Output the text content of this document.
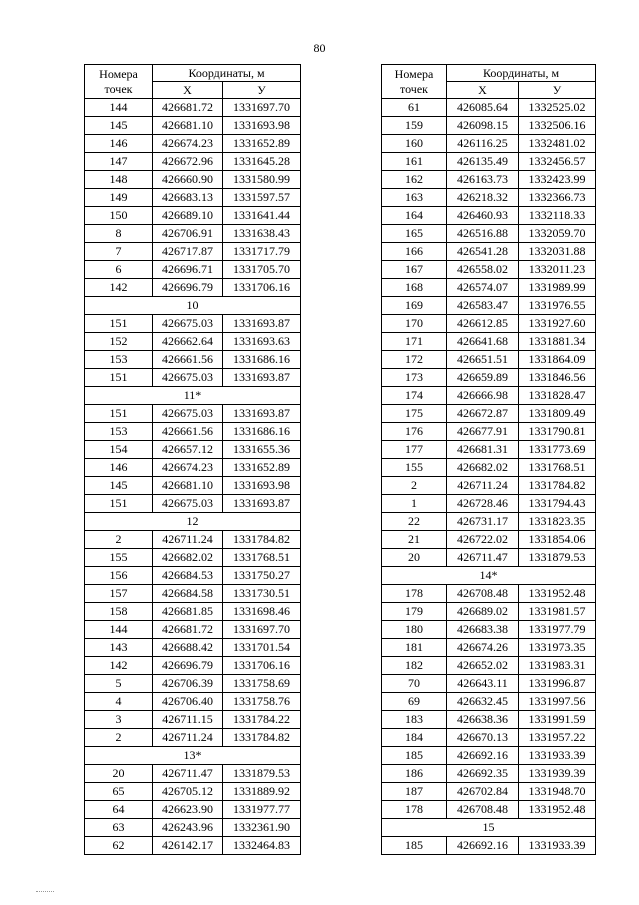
80
Номера
точек	Координаты, м	
	X	У
144	426681.72	1331697.70
145	426681.10	1331693.98
146	426674.23	1331652.89
147	426672.96	1331645.28
148	426660.90	1331580.99
149	426683.13	1331597.57
150	426689.10	1331641.44
8	426706.91	1331638.43
7	426717.87	1331717.79
6	426696.71	1331705.70
142	426696.79	1331706.16
10		
151	426675.03	1331693.87
152	426662.64	1331693.63
153	426661.56	1331686.16
151	426675.03	1331693.87
11*		
151	426675.03	1331693.87
153	426661.56	1331686.16
154	426657.12	1331655.36
146	426674.23	1331652.89
145	426681.10	1331693.98
151	426675.03	1331693.87
12		
2	426711.24	1331784.82
155	426682.02	1331768.51
156	426684.53	1331750.27
157	426684.58	1331730.51
158	426681.85	1331698.46
144	426681.72	1331697.70
143	426688.42	1331701.54
142	426696.79	1331706.16
5	426706.39	1331758.69
4	426706.40	1331758.76
3	426711.15	1331784.22
2	426711.24	1331784.82
13*		
20	426711.47	1331879.53
65	426705.12	1331889.92
64	426623.90	1331977.77
63	426243.96	1332361.90
62	426142.17	1332464.83
Номера
точек	Координаты, м	
	X	У
61	426085.64	1332525.02
159	426098.15	1332506.16
160	426116.25	1332481.02
161	426135.49	1332456.57
162	426163.73	1332423.99
163	426218.32	1332366.73
164	426460.93	1332118.33
165	426516.88	1332059.70
166	426541.28	1332031.88
167	426558.02	1332011.23
168	426574.07	1331989.99
169	426583.47	1331976.55
170	426612.85	1331927.60
171	426641.68	1331881.34
172	426651.51	1331864.09
173	426659.89	1331846.56
174	426666.98	1331828.47
175	426672.87	1331809.49
176	426677.91	1331790.81
177	426681.31	1331773.69
155	426682.02	1331768.51
2	426711.24	1331784.82
1	426728.46	1331794.43
22	426731.17	1331823.35
21	426722.02	1331854.06
20	426711.47	1331879.53
14*		
178	426708.48	1331952.48
179	426689.02	1331981.57
180	426683.38	1331977.79
181	426674.26	1331973.35
182	426652.02	1331983.31
70	426643.11	1331996.87
69	426632.45	1331997.56
183	426638.36	1331991.59
184	426670.13	1331957.22
185	426692.16	1331933.39
186	426692.35	1331939.39
187	426702.84	1331948.70
178	426708.48	1331952.48
15		
185	426692.16	1331933.39
